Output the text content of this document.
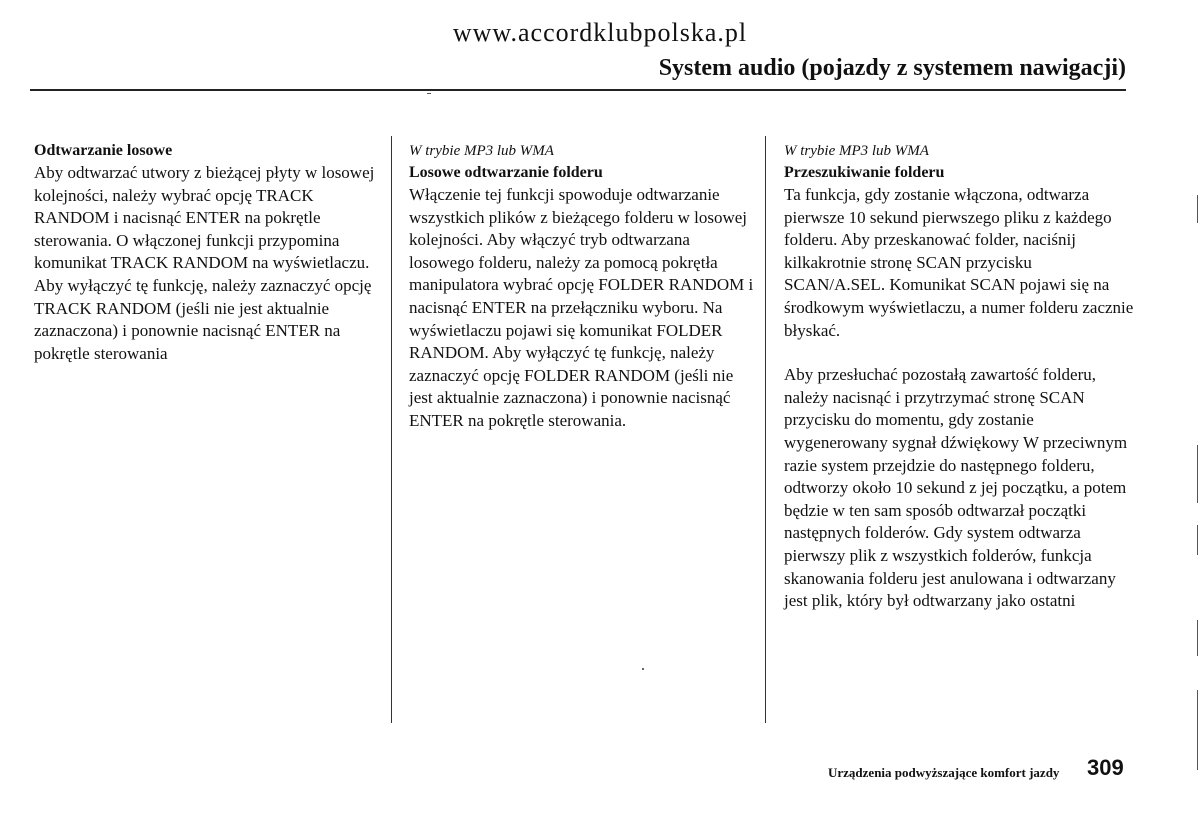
www.accordklubpolska.pl
System audio (pojazdy z systemem nawigacji)
Odtwarzanie losowe

Aby odtwarzać utwory z bieżącej płyty w losowej kolejności, należy wybrać opcję TRACK RANDOM i nacisnąć ENTER na pokrętle sterowania. O włączonej funkcji przypomina komunikat TRACK RANDOM na wyświetlaczu. Aby wyłączyć tę funkcję, należy zaznaczyć opcję TRACK RANDOM (jeśli nie jest aktualnie zaznaczona) i ponownie nacisnąć ENTER na pokrętle sterowania

W trybie MP3 lub WMA
Losowe odtwarzanie folderu

Włączenie tej funkcji spowoduje odtwarzanie wszystkich plików z bieżącego folderu w losowej kolejności. Aby włączyć tryb odtwarzana losowego folderu, należy za pomocą pokrętła manipulatora wybrać opcję FOLDER RANDOM i nacisnąć ENTER na przełączniku wyboru. Na wyświetlaczu pojawi się komunikat FOLDER RANDOM. Aby wyłączyć tę funkcję, należy zaznaczyć opcję FOLDER RANDOM (jeśli nie jest aktualnie zaznaczona) i ponownie nacisnąć ENTER na pokrętle sterowania.

W trybie MP3 lub WMA
Przeszukiwanie folderu

Ta funkcja, gdy zostanie włączona, odtwarza pierwsze 10 sekund pierwszego pliku z każdego folderu. Aby przeskanować folder, naciśnij kilkakrotnie stronę SCAN przycisku SCAN/A.SEL. Komunikat SCAN pojawi się na środkowym wyświetlaczu, a numer folderu zacznie błyskać.

Aby przesłuchać pozostałą zawartość folderu, należy nacisnąć i przytrzymać stronę SCAN przycisku do momentu, gdy zostanie wygenerowany sygnał dźwiękowy W przeciwnym razie system przejdzie do następnego folderu, odtworzy około 10 sekund z jej początku, a potem będzie w ten sam sposób odtwarzał początki następnych folderów. Gdy system odtwarza pierwszy plik z wszystkich folderów, funkcja skanowania folderu jest anulowana i odtwarzany jest plik, który był odtwarzany jako ostatni

Urządzenia podwyższające komfort jazdy 309
